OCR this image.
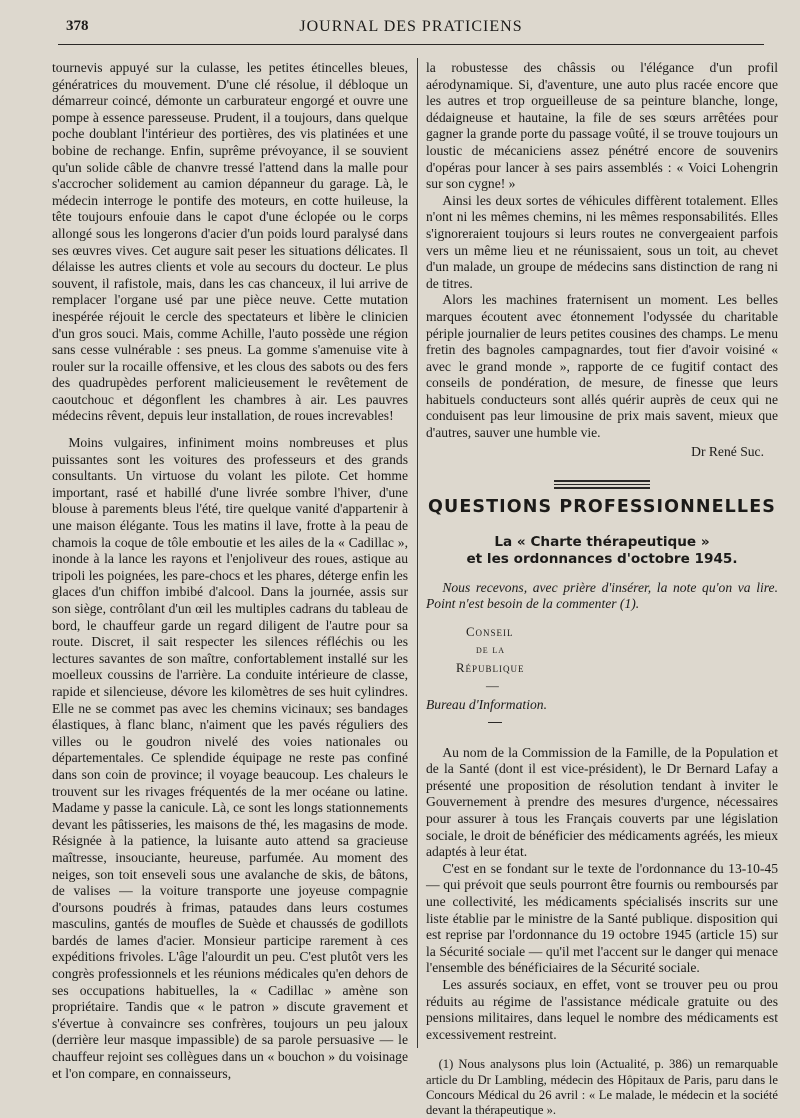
378	JOURNAL DES PRATICIENS

tournevis appuyé sur la culasse, les petites étincelles bleues, génératrices du mouvement. D'une clé résolue, il débloque un démarreur coincé, démonte un carburateur engorgé et ouvre une pompe à essence paresseuse. Prudent, il a toujours, dans quelque poche doublant l'intérieur des portières, des vis platinées et une bobine de rechange. Enfin, suprême prévoyance, il se souvient qu'un solide câble de chanvre tressé l'attend dans la malle pour s'accrocher solidement au camion dépanneur du garage. Là, le médecin interroge le pontife des moteurs, en cotte huileuse, la tête toujours enfouie dans le capot d'une éclopée ou le corps allongé sous les longerons d'acier d'un poids lourd paralysé dans ses œuvres vives. Cet augure sait peser les situations délicates. Il délaisse les autres clients et vole au secours du docteur. Le plus souvent, il rafistole, mais, dans les cas chanceux, il lui arrive de remplacer l'organe usé par une pièce neuve. Cette mutation inespérée réjouit le cercle des spectateurs et libère le clinicien d'un gros souci. Mais, comme Achille, l'auto possède une région sans cesse vulnérable : ses pneus. La gomme s'amenuise vite à rouler sur la rocaille offensive, et les clous des sabots ou des fers des quadrupèdes perforent malicieusement le revêtement de caoutchouc et dégonflent les chambres à air. Les pauvres médecins rêvent, depuis leur installation, de roues increvables!

Moins vulgaires, infiniment moins nombreuses et plus puissantes sont les voitures des professeurs et des grands consultants. Un virtuose du volant les pilote. Cet homme important, rasé et habillé d'une livrée sombre l'hiver, d'une blouse à parements bleus l'été, tire quelque vanité d'appartenir à une maison élégante. Tous les matins il lave, frotte à la peau de chamois la coque de tôle emboutie et les ailes de la « Cadillac », inonde à la lance les rayons et l'enjoliveur des roues, astique au tripoli les poignées, les pare-chocs et les phares, déterge enfin les glaces d'un chiffon imbibé d'alcool. Dans la journée, assis sur son siège, contrôlant d'un œil les multiples cadrans du tableau de bord, le chauffeur garde un regard diligent de l'autre pour sa route. Discret, il sait respecter les silences réfléchis ou les lectures savantes de son maître, confortablement installé sur les moelleux coussins de l'arrière. La conduite intérieure de classe, rapide et silencieuse, dévore les kilomètres de ses huit cylindres. Elle ne se commet pas avec les chemins vicinaux; ses bandages élastiques, à flanc blanc, n'aiment que les pavés réguliers des villes ou le goudron nivelé des voies nationales ou départementales. Ce splendide équipage ne reste pas confiné dans son coin de province; il voyage beaucoup. Les chaleurs le trouvent sur les rivages fréquentés de la mer océane ou latine. Madame y passe la canicule. Là, ce sont les longs stationnements devant les pâtisseries, les maisons de thé, les magasins de mode. Résignée à la patience, la luisante auto attend sa gracieuse maîtresse, insouciante, heureuse, parfumée. Au moment des neiges, son toit enseveli sous une avalanche de skis, de bâtons, de valises — la voiture transporte une joyeuse compagnie d'oursons poudrés à frimas, pataudes dans leurs costumes masculins, gantés de moufles de Suède et chaussés de godillots bardés de lames d'acier. Monsieur participe rarement à ces expéditions frivoles. L'âge l'alourdit un peu. C'est plutôt vers les congrès professionnels et les réunions médicales qu'en dehors de ses occupations habituelles, la « Cadillac » amène son propriétaire. Tandis que « le patron » discute gravement et s'évertue à convaincre ses confrères, toujours un peu jaloux (derrière leur masque impassible) de sa parole persuasive — le chauffeur rejoint ses collègues dans un « bouchon » du voisinage et l'on compare, en connaisseurs,

la robustesse des châssis ou l'élégance d'un profil aérodynamique. Si, d'aventure, une auto plus racée encore que les autres et trop orgueilleuse de sa peinture blanche, longe, dédaigneuse et hautaine, la file de ses sœurs arrêtées pour gagner la grande porte du passage voûté, il se trouve toujours un loustic de mécaniciens assez pénétré encore de souvenirs d'opéras pour lancer à ses pairs assemblés : « Voici Lohengrin sur son cygne! »

Ainsi les deux sortes de véhicules diffèrent totalement. Elles n'ont ni les mêmes chemins, ni les mêmes responsabilités. Elles s'ignoreraient toujours si leurs routes ne convergeaient parfois vers un même lieu et ne réunissaient, sous un toit, au chevet d'un malade, un groupe de médecins sans distinction de rang ni de titres.

Alors les machines fraternisent un moment. Les belles marques écoutent avec étonnement l'odyssée du charitable périple journalier de leurs petites cousines des champs. Le menu fretin des bagnoles campagnardes, tout fier d'avoir voisiné « avec le grand monde », rapporte de ce fugitif contact des conseils de pondération, de mesure, de finesse que leurs habituels conducteurs sont allés quérir auprès de ceux qui ne conduisent pas leur limousine de prix mais savent, mieux que d'autres, sauver une humble vie.

Dr René Suc.
QUESTIONS PROFESSIONNELLES
La « Charte thérapeutique »
et les ordonnances d'octobre 1945.

Nous recevons, avec prière d'insérer, la note qu'on va lire. Point n'est besoin de la commenter (1).

Conseil
de la
République
—
Bureau d'Information.

Au nom de la Commission de la Famille, de la Population et de la Santé (dont il est vice-président), le Dr Bernard Lafay a présenté une proposition de résolution tendant à inviter le Gouvernement à prendre des mesures d'urgence, nécessaires pour assurer à tous les Français couverts par une législation sociale, le droit de bénéficier des médicaments agréés, les mieux adaptés à leur état.

C'est en se fondant sur le texte de l'ordonnance du 13-10-45 — qui prévoit que seuls pourront être fournis ou remboursés par une collectivité, les médicaments spécialisés inscrits sur une liste établie par le ministre de la Santé publique. disposition qui est reprise par l'ordonnance du 19 octobre 1945 (article 15) sur la Sécurité sociale — qu'il met l'accent sur le danger qui menace l'ensemble des bénéficiaires de la Sécurité sociale.

Les assurés sociaux, en effet, vont se trouver peu ou prou réduits au régime de l'assistance médicale gratuite ou des pensions militaires, dans lequel le nombre des médicaments est excessivement restreint.

(1) Nous analysons plus loin (Actualité, p. 386) un remarquable article du Dr Lambling, médecin des Hôpitaux de Paris, paru dans le Concours Médical du 26 avril : « Le malade, le médecin et la société devant la thérapeutique ».
